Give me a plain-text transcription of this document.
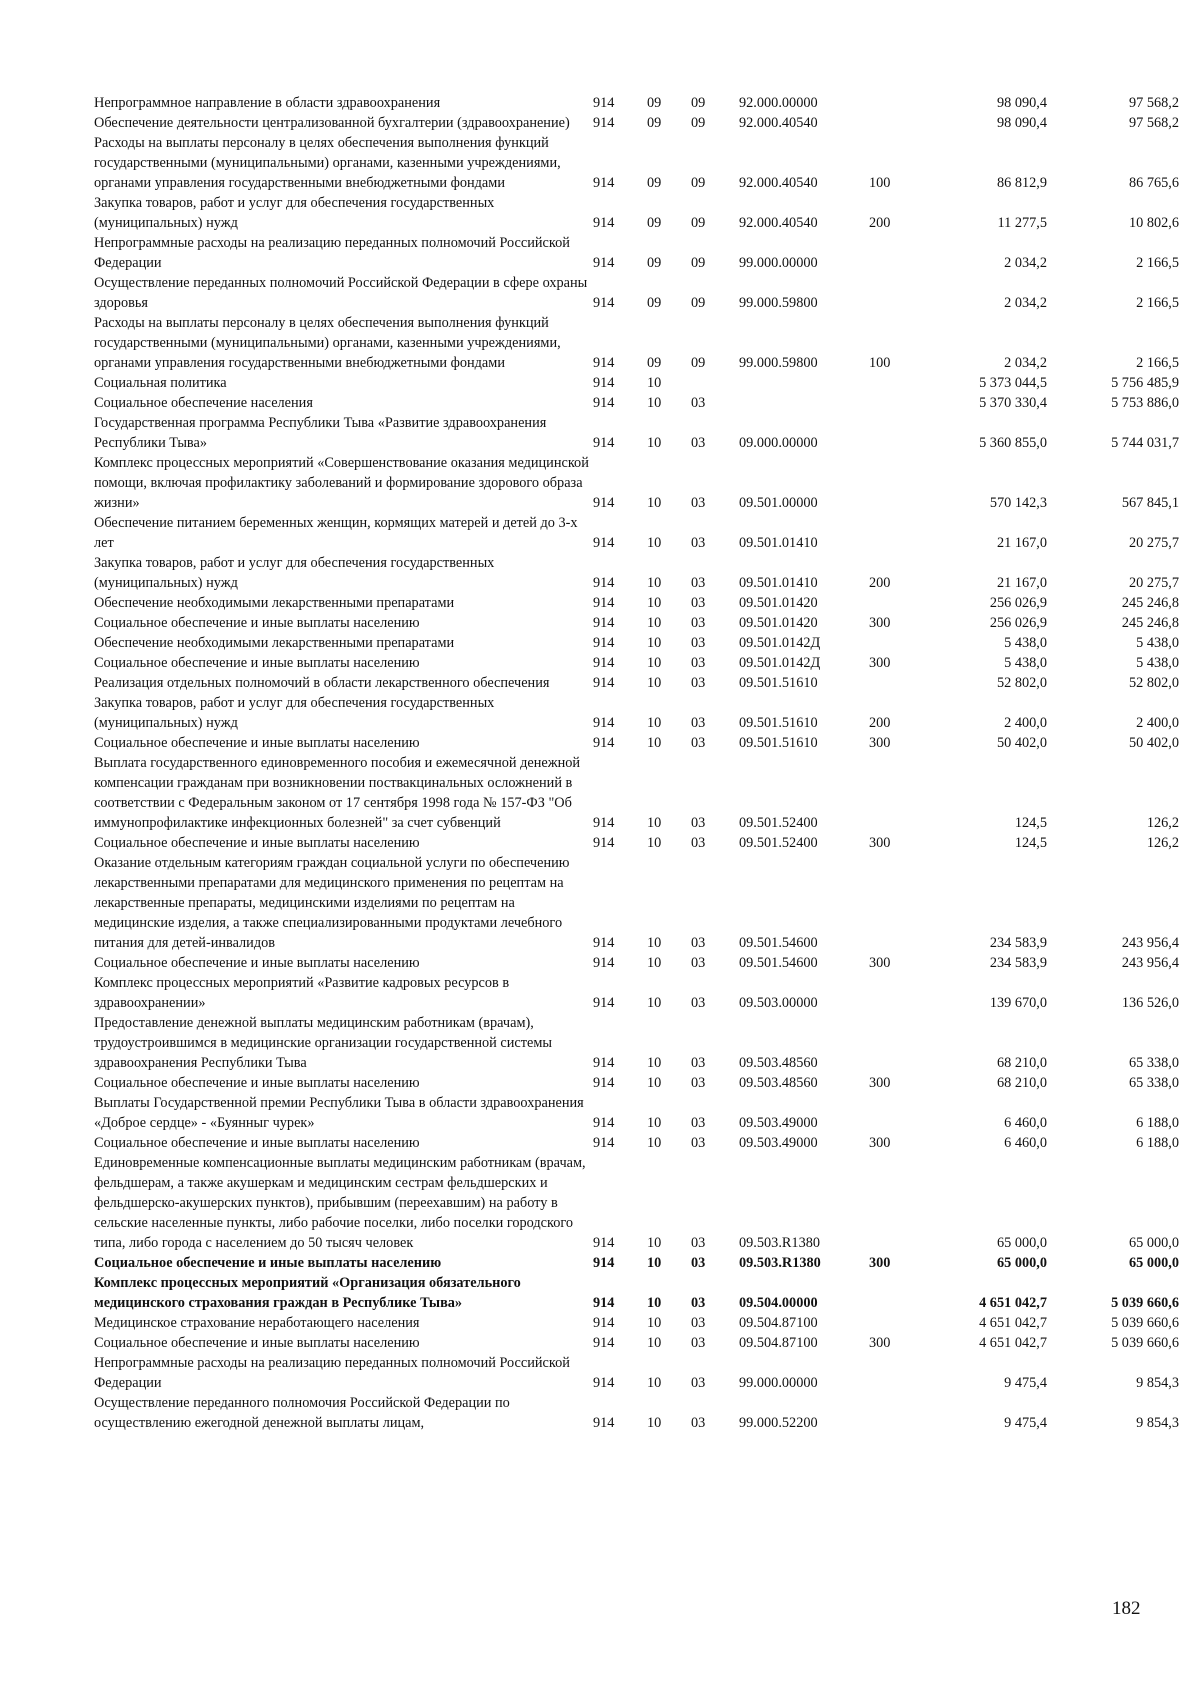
Непрограммное направление в области здравоохранения	914	09	09	92.000.00000		98 090,4	97 568,2
Обеспечение деятельности централизованной бухгалтерии (здравоохранение)	914	09	09	92.000.40540		98 090,4	97 568,2
Расходы на выплаты персоналу в целях обеспечения выполнения функций государственными (муниципальными) органами, казенными учреждениями, органами управления государственными внебюджетными фондами	914	09	09	92.000.40540	100	86 812,9	86 765,6
Закупка товаров, работ и услуг для обеспечения государственных (муниципальных) нужд	914	09	09	92.000.40540	200	11 277,5	10 802,6
Непрограммные расходы на реализацию переданных полномочий Российской Федерации	914	09	09	99.000.00000		2 034,2	2 166,5
Осуществление переданных полномочий Российской Федерации в сфере охраны здоровья	914	09	09	99.000.59800		2 034,2	2 166,5
Расходы на выплаты персоналу в целях обеспечения выполнения функций государственными (муниципальными) органами, казенными учреждениями, органами управления государственными внебюджетными фондами	914	09	09	99.000.59800	100	2 034,2	2 166,5
Социальная политика	914	10				5 373 044,5	5 756 485,9
Социальное обеспечение населения	914	10	03			5 370 330,4	5 753 886,0
Государственная программа Республики Тыва «Развитие здравоохранения Республики Тыва»	914	10	03	09.000.00000		5 360 855,0	5 744 031,7
Комплекс процессных мероприятий «Совершенствование оказания медицинской помощи, включая профилактику заболеваний и формирование здорового образа жизни»	914	10	03	09.501.00000		570 142,3	567 845,1
Обеспечение питанием беременных женщин, кормящих матерей и детей до 3-х лет	914	10	03	09.501.01410		21 167,0	20 275,7
Закупка товаров, работ и услуг для обеспечения государственных (муниципальных) нужд	914	10	03	09.501.01410	200	21 167,0	20 275,7
Обеспечение необходимыми лекарственными препаратами	914	10	03	09.501.01420		256 026,9	245 246,8
Социальное обеспечение и иные выплаты населению	914	10	03	09.501.01420	300	256 026,9	245 246,8
Обеспечение необходимыми лекарственными препаратами	914	10	03	09.501.0142Д		5 438,0	5 438,0
Социальное обеспечение и иные выплаты населению	914	10	03	09.501.0142Д	300	5 438,0	5 438,0
Реализация отдельных полномочий в области лекарственного обеспечения	914	10	03	09.501.51610		52 802,0	52 802,0
Закупка товаров, работ и услуг для обеспечения государственных (муниципальных) нужд	914	10	03	09.501.51610	200	2 400,0	2 400,0
Социальное обеспечение и иные выплаты населению	914	10	03	09.501.51610	300	50 402,0	50 402,0
Выплата государственного единовременного пособия и ежемесячной денежной компенсации гражданам при возникновении поствакцинальных осложнений в соответствии с Федеральным законом от 17 сентября 1998 года № 157-ФЗ "Об иммунопрофилактике инфекционных болезней" за счет субвенций	914	10	03	09.501.52400		124,5	126,2
Социальное обеспечение и иные выплаты населению	914	10	03	09.501.52400	300	124,5	126,2
Оказание отдельным категориям граждан социальной услуги по обеспечению лекарственными препаратами для медицинского применения по рецептам на лекарственные препараты, медицинскими изделиями по рецептам на медицинские изделия, а также специализированными продуктами лечебного питания для детей-инвалидов	914	10	03	09.501.54600		234 583,9	243 956,4
Социальное обеспечение и иные выплаты населению	914	10	03	09.501.54600	300	234 583,9	243 956,4
Комплекс процессных мероприятий «Развитие кадровых ресурсов в здравоохранении»	914	10	03	09.503.00000		139 670,0	136 526,0
Предоставление денежной выплаты медицинским работникам (врачам), трудоустроившимся в медицинские организации государственной системы здравоохранения Республики Тыва	914	10	03	09.503.48560		68 210,0	65 338,0
Социальное обеспечение и иные выплаты населению	914	10	03	09.503.48560	300	68 210,0	65 338,0
Выплаты Государственной премии Республики Тыва в области здравоохранения «Доброе сердце» - «Буянныг чурек»	914	10	03	09.503.49000		6 460,0	6 188,0
Социальное обеспечение и иные выплаты населению	914	10	03	09.503.49000	300	6 460,0	6 188,0
Единовременные компенсационные выплаты медицинским работникам (врачам, фельдшерам, а также акушеркам и медицинским сестрам фельдшерских и фельдшерско-акушерских пунктов), прибывшим (переехавшим) на работу в сельские населенные пункты, либо рабочие поселки, либо поселки городского типа, либо города с населением до 50 тысяч человек	914	10	03	09.503.R1380		65 000,0	65 000,0
Социальное обеспечение и иные выплаты населению	914	10	03	09.503.R1380	300	65 000,0	65 000,0
Комплекс процессных мероприятий «Организация обязательного медицинского страхования граждан в Республике Тыва»	914	10	03	09.504.00000		4 651 042,7	5 039 660,6
Медицинское страхование неработающего населения	914	10	03	09.504.87100		4 651 042,7	5 039 660,6
Социальное обеспечение и иные выплаты населению	914	10	03	09.504.87100	300	4 651 042,7	5 039 660,6
Непрограммные расходы на реализацию переданных полномочий Российской Федерации	914	10	03	99.000.00000		9 475,4	9 854,3
Осуществление переданного полномочия Российской Федерации по осуществлению ежегодной денежной выплаты лицам,	914	10	03	99.000.52200		9 475,4	9 854,3
182
